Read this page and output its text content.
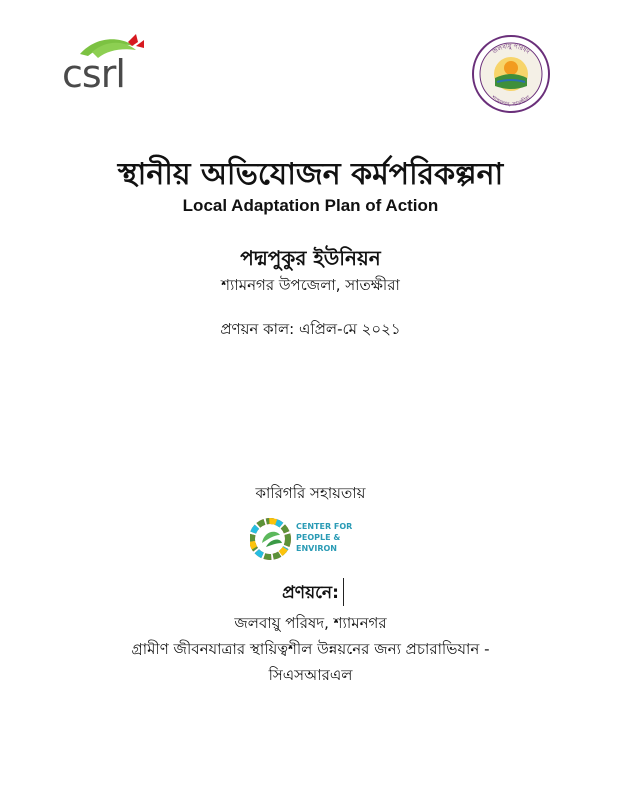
csrl
জলবায়ু পরিষদ
শ্যামনগর, সাতক্ষীরা
স্থানীয় অভিযোজন কর্মপরিকল্পনা
Local Adaptation Plan of Action
পদ্মপুকুর ইউনিয়ন
শ্যামনগর উপজেলা, সাতক্ষীরা
প্রণয়ন কাল: এপ্রিল-মে ২০২১
কারিগরি সহায়তায়
CENTER FOR
PEOPLE &
ENVIRON
প্রণয়নে:
জলবায়ু পরিষদ, শ্যামনগর
গ্রামীণ জীবনযাত্রার স্থায়িত্বশীল উন্নয়নের জন্য প্রচারাভিযান -
সিএসআরএল
